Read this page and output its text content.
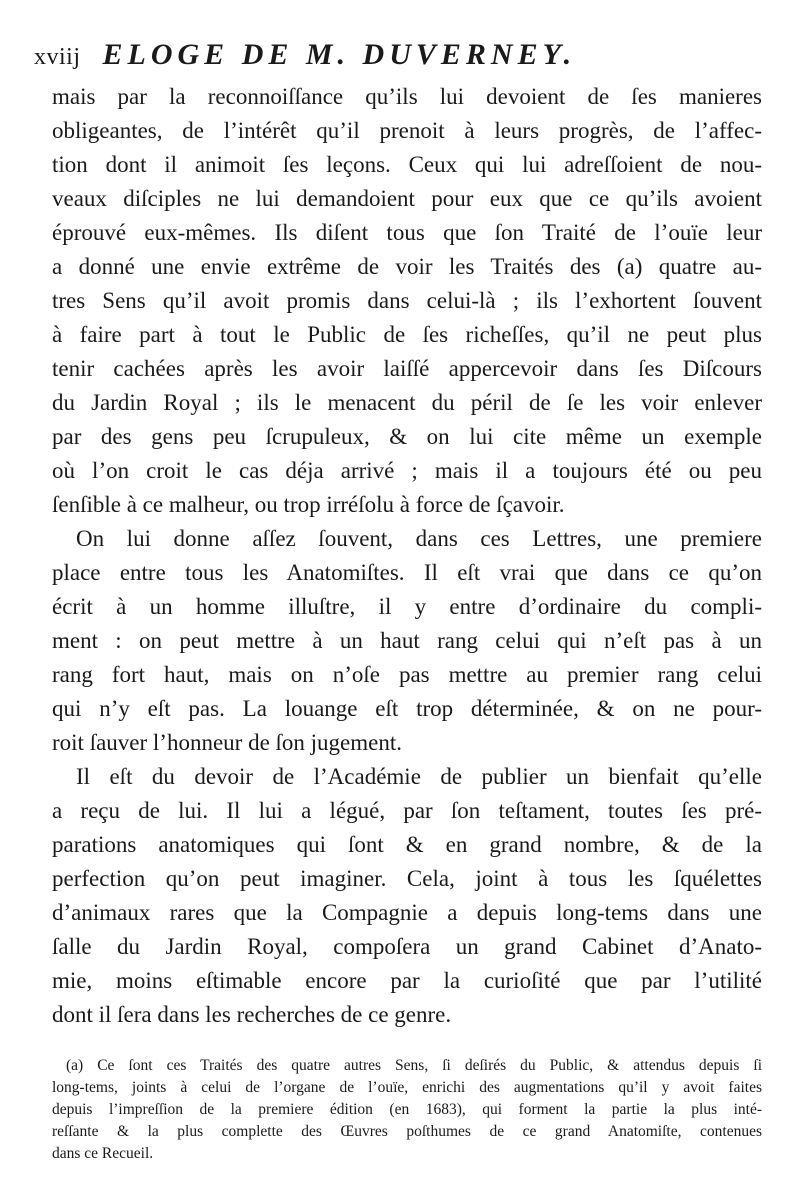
xviij ELOGE DE M. DUVERNEY.
mais par la reconnoiſſance qu’ils lui devoient de ſes manieres
obligeantes, de l’intérêt qu’il prenoit à leurs progrès, de l’affec-
tion dont il animoit ſes leçons. Ceux qui lui adreſſoient de nou-
veaux diſciples ne lui demandoient pour eux que ce qu’ils avoient
éprouvé eux-mêmes. Ils diſent tous que ſon Traité de l’ouïe leur
a donné une envie extrême de voir les Traités des (a) quatre au-
tres Sens qu’il avoit promis dans celui-là ; ils l’exhortent ſouvent
à faire part à tout le Public de ſes richeſſes, qu’il ne peut plus
tenir cachées après les avoir laiſſé appercevoir dans ſes Diſcours
du Jardin Royal ; ils le menacent du péril de ſe les voir enlever
par des gens peu ſcrupuleux, & on lui cite même un exemple
où l’on croit le cas déja arrivé ; mais il a toujours été ou peu
ſenſible à ce malheur, ou trop irréſolu à force de ſçavoir.
On lui donne aſſez ſouvent, dans ces Lettres, une premiere
place entre tous les Anatomiſtes. Il eſt vrai que dans ce qu’on
écrit à un homme illuſtre, il y entre d’ordinaire du compli-
ment : on peut mettre à un haut rang celui qui n’eſt pas à un
rang fort haut, mais on n’oſe pas mettre au premier rang celui
qui n’y eſt pas. La louange eſt trop déterminée, & on ne pour-
roit ſauver l’honneur de ſon jugement.
Il eſt du devoir de l’Académie de publier un bienfait qu’elle
a reçu de lui. Il lui a légué, par ſon teſtament, toutes ſes pré-
parations anatomiques qui ſont & en grand nombre, & de la
perfection qu’on peut imaginer. Cela, joint à tous les ſquélettes
d’animaux rares que la Compagnie a depuis long-tems dans une
ſalle du Jardin Royal, compoſera un grand Cabinet d’Anato-
mie, moins eſtimable encore par la curioſité que par l’utilité
dont il ſera dans les recherches de ce genre.
(a) Ce ſont ces Traités des quatre autres Sens, ſi deſirés du Public, & attendus depuis ſi
long-tems, joints à celui de l’organe de l’ouïe, enrichi des augmentations qu’il y avoit faites
depuis l’impreſſion de la premiere édition (en 1683), qui forment la partie la plus inté-
reſſante & la plus complette des Œuvres poſthumes de ce grand Anatomiſte, contenues
dans ce Recueil.
